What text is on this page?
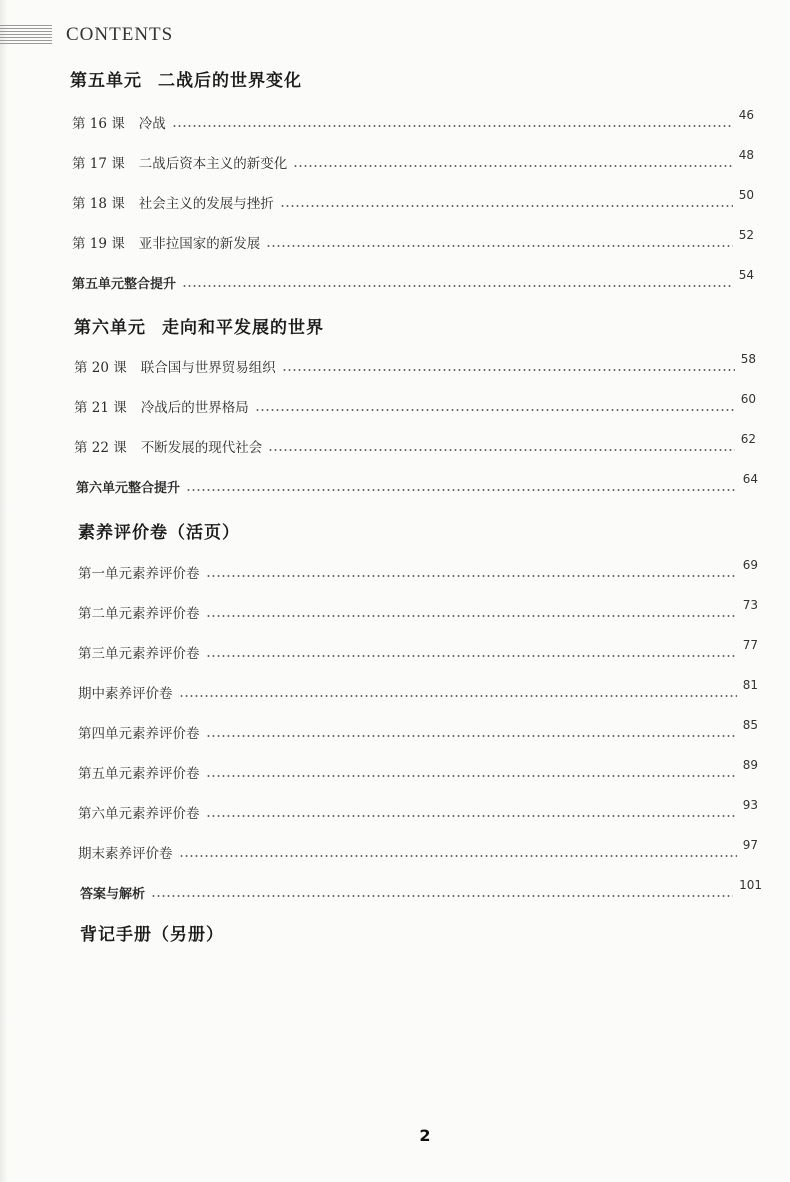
CONTENTS
第五单元 二战后的世界变化
第 16 课 冷战
46
第 17 课 二战后资本主义的新变化
48
第 18 课 社会主义的发展与挫折
50
第 19 课 亚非拉国家的新发展
52
第五单元整合提升
54
第六单元 走向和平发展的世界
第 20 课 联合国与世界贸易组织
58
第 21 课 冷战后的世界格局
60
第 22 课 不断发展的现代社会
62
第六单元整合提升
64
素养评价卷（活页）
第一单元素养评价卷
69
第二单元素养评价卷
73
第三单元素养评价卷
77
期中素养评价卷
81
第四单元素养评价卷
85
第五单元素养评价卷
89
第六单元素养评价卷
93
期末素养评价卷
97
答案与解析
101
背记手册（另册）
2
